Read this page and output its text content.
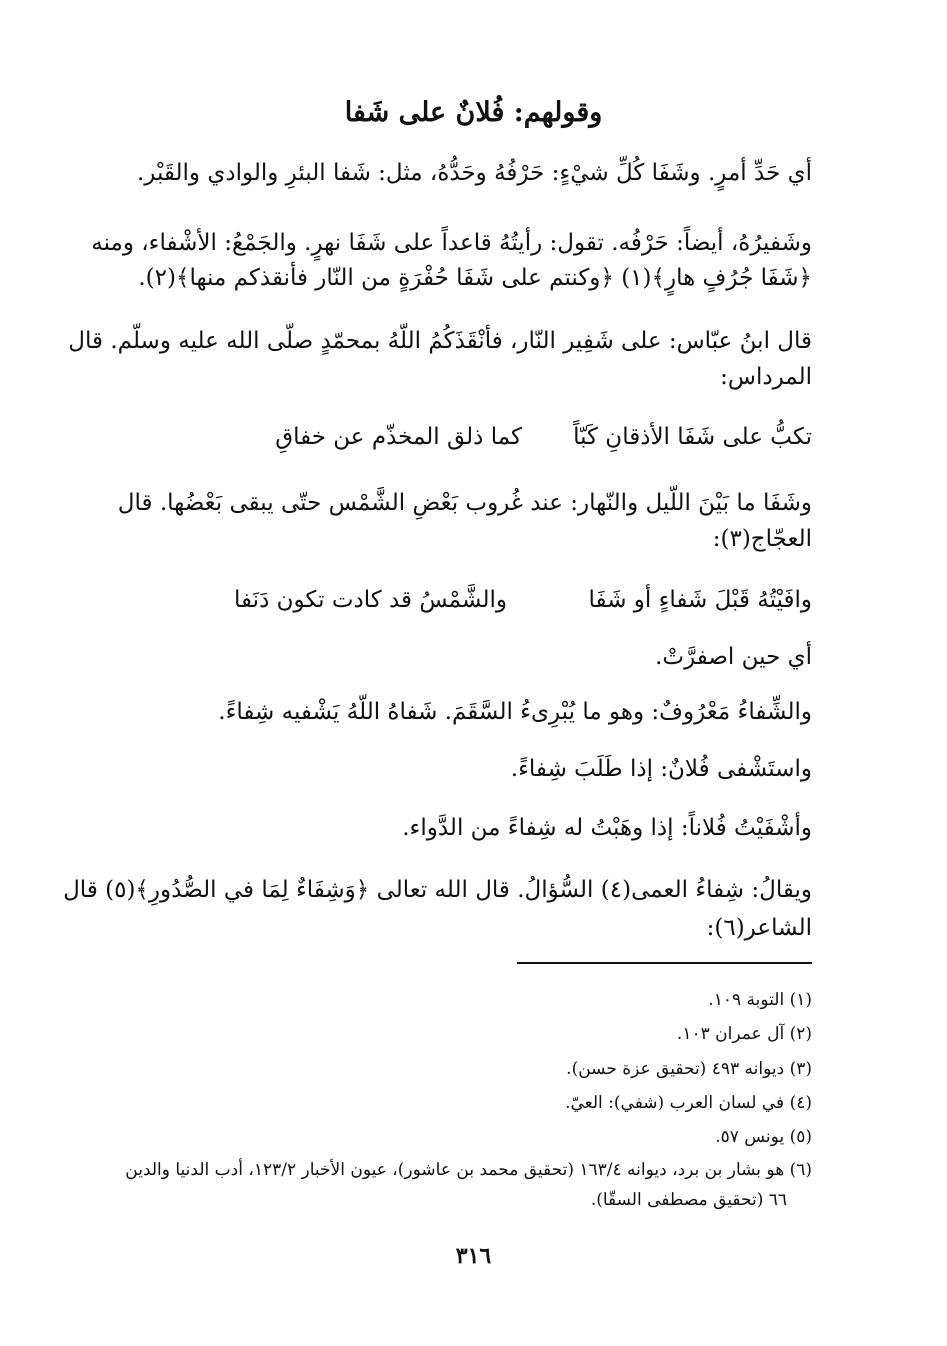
وقولهم: فُلانٌ على شَفا
أي حَدِّ أمرٍ. وشَفَا كُلِّ شيْءٍ: حَرْفُهُ وحَدُّهُ، مثل: شَفا البئرِ والوادي والقَبْر.
وشَفيرُهُ، أيضاً: حَرْفُه. تقول: رأيتُهُ قاعداً على شَفَا نهرٍ. والجَمْعُ: الأشْفاء، ومنه
﴿شَفَا جُرُفٍ هارٍ﴾(١) ﴿وكنتم على شَفَا حُفْرَةٍ من النّار فأنقذكم منها﴾(٢).
قال ابنُ عبّاس: على شَفِير النّار، فأنْقَذَكُمُ اللّهُ بمحمّدٍ صلّى الله عليه وسلّم. قال
المرداس:
تكبُّ على شَفَا الأذقانِ كَبّاً
كما ذلق المخذّم عن خفاقِ
وشَفَا ما بَيْنَ اللّيل والنّهار: عند غُروب بَعْضِ الشَّمْس حتّى يبقى بَعْضُها. قال
العجّاج(٣):
وافَيْتُهُ قَبْلَ شَفاءٍ أو شَفَا
والشَّمْسُ قد كادت تكون دَنَفا
أي حين اصفرَّتْ.
والشِّفاءُ مَعْرُوفٌ: وهو ما يُبْرِىءُ السَّقَمَ. شَفاهُ اللّهُ يَشْفيه شِفاءً.
واستَشْفى فُلانٌ: إذا طَلَبَ شِفاءً.
وأشْفَيْتُ فُلاناً: إذا وهَبْتُ له شِفاءً من الدَّواء.
ويقالُ: شِفاءُ العمى(٤) السُّؤالُ. قال الله تعالى ﴿وَشِفَاءٌ لِمَا في الصُّدُورِ﴾(٥) قال
الشاعر(٦):
(١) التوبة ١٠٩.
(٢) آل عمران ١٠٣.
(٣) ديوانه ٤٩٣ (تحقيق عزة حسن).
(٤) في لسان العرب (شفي): العيّ.
(٥) يونس ٥٧.
(٦) هو بشار بن برد، ديوانه ١٦٣/٤ (تحقيق محمد بن عاشور)، عيون الأخبار ١٢٣/٢، أدب الدنيا والدين
٦٦ (تحقيق مصطفى السقّا).
٣١٦
